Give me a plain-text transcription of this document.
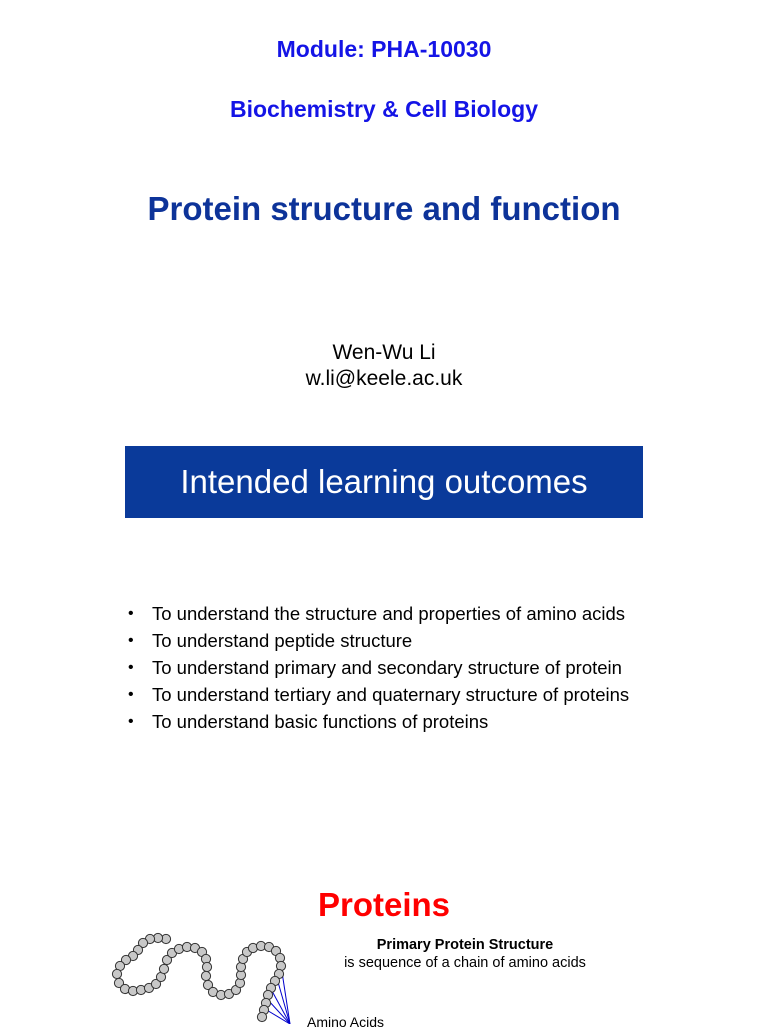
Module: PHA-10030
Biochemistry & Cell Biology
Protein structure and function
Wen-Wu Li
w.li@keele.ac.uk
Intended learning outcomes
• To understand the structure and properties of amino acids
• To understand peptide structure
• To understand primary and secondary structure of protein
• To understand tertiary and quaternary structure of proteins
• To understand basic functions of proteins
Proteins
Primary Protein Structure
is sequence of a chain of amino acids
Amino Acids
